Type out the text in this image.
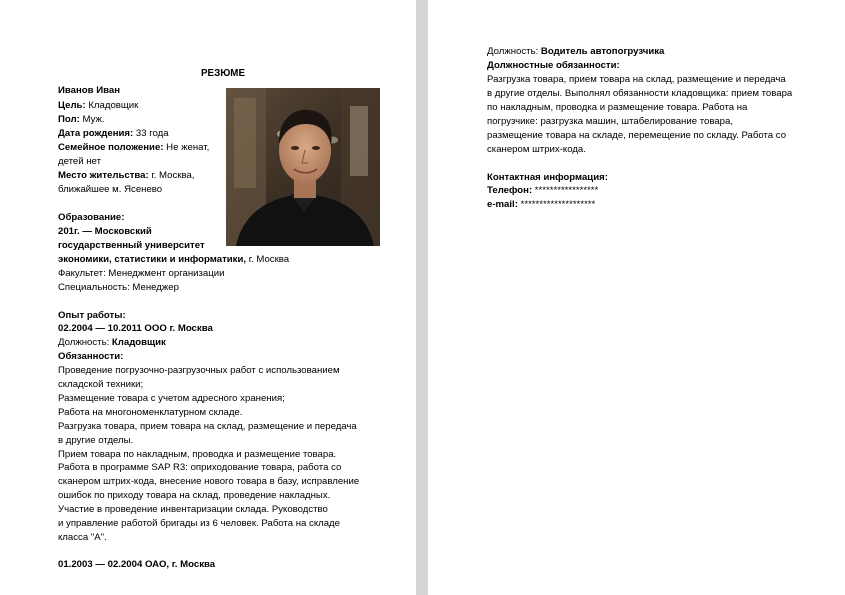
РЕЗЮМЕ
Иванов Иван
Цель: Кладовщик
Пол: Муж.
Дата рождения: 33 года
Семейное положение: Не женат,
детей нет
Место жительства: г. Москва,
ближайшее м. Ясенево
Образование:
201г. — Московский
государственный университет
экономики, статистики и информатики, г. Москва
Факультет: Менеджмент организации
Специальность: Менеджер
Опыт работы:
02.2004 — 10.2011 ООО г. Москва
Должность: Кладовщик
Обязанности:
Проведение погрузочно-разгрузочных работ с использованием
складской техники;
Размещение товара с учетом адресного хранения;
Работа на многономенклатурном складе.
Разгрузка товара, прием товара на склад, размещение и передача
в другие отделы.
Прием товара по накладным, проводка и размещение товара.
Работа в программе SAP R3: оприходование товара, работа со
сканером штрих-кода, внесение нового товара в базу, исправление
ошибок по приходу товара на склад, проведение накладных.
Участие в проведение инвентаризации склада. Руководство
и управление работой бригады из 6 человек. Работа на складе
класса "А".
01.2003 — 02.2004 ОАО, г. Москва
Должность: Водитель автопогрузчика
Должностные обязанности:
Разгрузка товара, прием товара на склад, размещение и передача
в другие отделы. Выполнял обязанности кладовщика: прием товара
по накладным, проводка и размещение товара. Работа на
погрузчике: разгрузка машин, штабелирование товара,
размещение товара на складе, перемещение по складу. Работа со
сканером штрих-кода.
Контактная информация:
Телефон: *****************
e-mail: ********************
